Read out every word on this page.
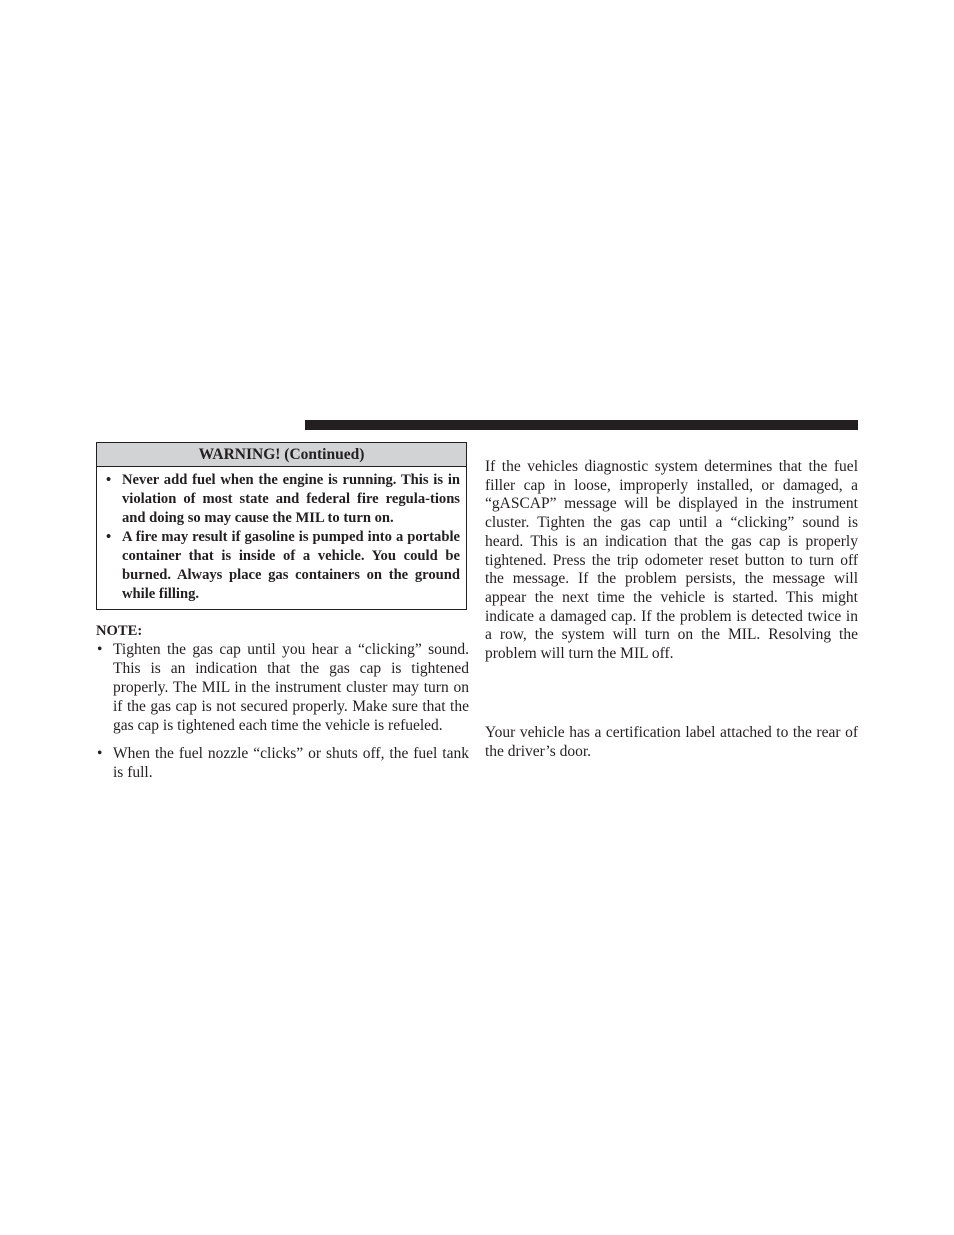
WARNING! (Continued)
• Never add fuel when the engine is running. This is in violation of most state and federal fire regula-tions and doing so may cause the MIL to turn on.
• A fire may result if gasoline is pumped into a portable container that is inside of a vehicle. You could be burned. Always place gas containers on the ground while filling.
NOTE:
• Tighten the gas cap until you hear a “clicking” sound. This is an indication that the gas cap is tightened properly. The MIL in the instrument cluster may turn on if the gas cap is not secured properly. Make sure that the gas cap is tightened each time the vehicle is refueled.
• When the fuel nozzle “clicks” or shuts off, the fuel tank is full.

If the vehicles diagnostic system determines that the fuel filler cap in loose, improperly installed, or damaged, a “gASCAP” message will be displayed in the instrument cluster. Tighten the gas cap until a “clicking” sound is heard. This is an indication that the gas cap is properly tightened. Press the trip odometer reset button to turn off the message. If the problem persists, the message will appear the next time the vehicle is started. This might indicate a damaged cap. If the problem is detected twice in a row, the system will turn on the MIL. Resolving the problem will turn the MIL off.

Your vehicle has a certification label attached to the rear of the driver’s door.
